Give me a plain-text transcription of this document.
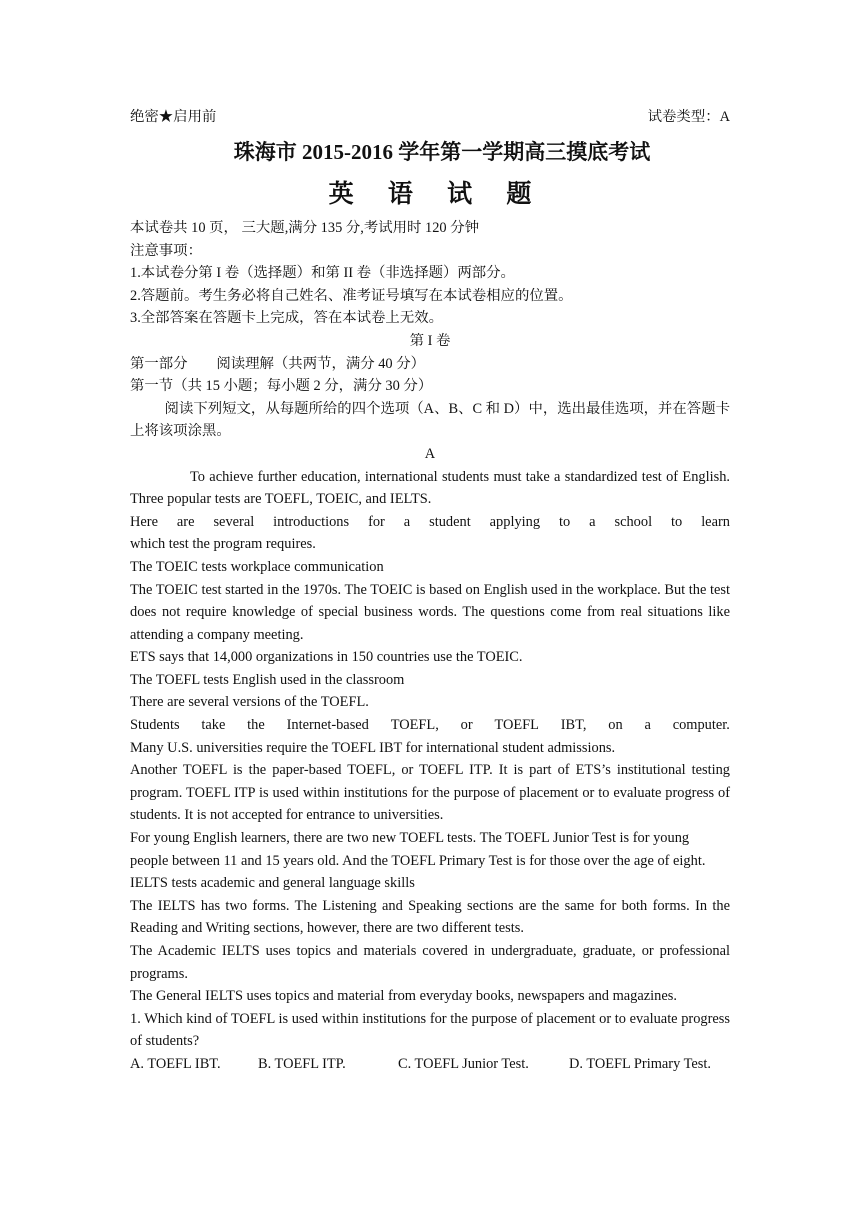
绝密★启用前	试卷类型：A
珠海市 2015-2016 学年第一学期高三摸底考试
英 语 试 题

本试卷共 10 页， 三大题,满分 135 分,考试用时 120 分钟

注意事项：

1.本试卷分第 I 卷（选择题）和第 II 卷（非选择题）两部分。

2.答题前。考生务必将自己姓名、准考证号填写在本试卷相应的位置。

3.全部答案在答题卡上完成，答在本试卷上无效。

第 I 卷

第一部分　　阅读理解（共两节，满分 40 分）

第一节（共 15 小题；每小题 2 分，满分 30 分）

阅读下列短文，从每题所给的四个选项（A、B、C 和 D）中，选出最佳选项，并在答题卡上将该项涂黑。

A

To achieve further education, international students must take a standardized test of English. Three popular tests are TOEFL, TOEIC, and IELTS.

Here are several introductions for a student applying to a school to learn

which test the program requires.

The TOEIC tests workplace communication

The TOEIC test started in the 1970s. The TOEIC is based on English used in the workplace. But the test does not require knowledge of special business words. The questions come from real situations like attending a company meeting.

ETS says that 14,000 organizations in 150 countries use the TOEIC.

The TOEFL tests English used in the classroom

There are several versions of the TOEFL.

Students take the Internet-based TOEFL, or TOEFL IBT, on a computer.

Many U.S. universities require the TOEFL IBT for international student admissions.

Another TOEFL is the paper-based TOEFL, or TOEFL ITP. It is part of ETS’s institutional testing program. TOEFL ITP is used within institutions for the purpose of placement or to evaluate progress of students. It is not accepted for entrance to universities.

For young English learners, there are two new TOEFL tests. The TOEFL Junior Test is for young

people between 11 and 15 years old. And the TOEFL Primary Test is for those over the age of eight.

IELTS tests academic and general language skills

The IELTS has two forms. The Listening and Speaking sections are the same for both forms. In the Reading and Writing sections, however, there are two different tests.

The Academic IELTS uses topics and materials covered in undergraduate, graduate, or professional programs.

The General IELTS uses topics and material from everyday books, newspapers and magazines.

1. Which kind of TOEFL is used within institutions for the purpose of placement or to evaluate progress of students?

A. TOEFL IBT.	B. TOEFL ITP.	C. TOEFL Junior Test.	D. TOEFL Primary Test.
